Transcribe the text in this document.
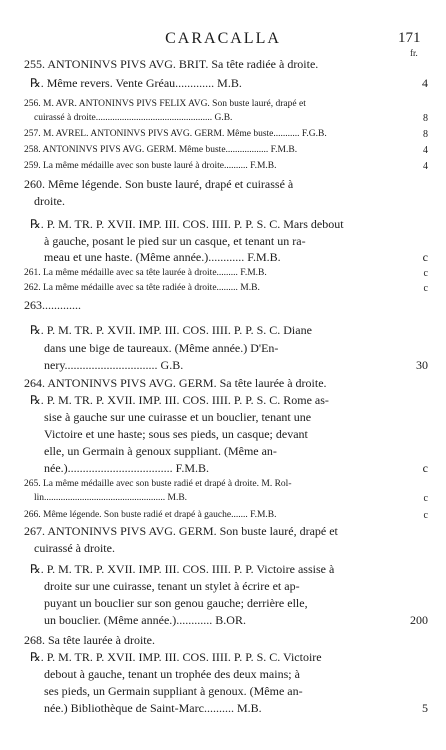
CARACALLA	171
fr.
255. ANTONINVS PIVS AVG. BRIT. Sa tête radiée à droite.
℞. Même revers. Vente Gréau............. M.B.	4
256. M. AVR. ANTONINVS PIVS FELIX AVG. Son buste lauré, drapé et
cuirassé à droite................................................. G.B.	8
257. M. AVREL. ANTONINVS PIVS AVG. GERM. Même buste........... F.G.B.	8
258. ANTONINVS PIVS AVG. GERM. Même buste.................. F.M.B.	4
259. La même médaille avec son buste lauré à droite.......... F.M.B.	4
260. Même légende. Son buste lauré, drapé et cuirassé à
droite.
℞. P. M. TR. P. XVII. IMP. III. COS. IIII. P. P. S. C. Mars debout
à gauche, posant le pied sur un casque, et tenant un ra-
meau et une haste. (Même année.)............ F.M.B.	c
261. La même médaille avec sa tête laurée à droite......... F.M.B.	c
262. La même médaille avec sa tête radiée à droite......... M.B.	c
263.............
℞. P. M. TR. P. XVII. IMP. III. COS. IIII. P. P. S. C. Diane
dans une bige de taureaux. (Même année.) D'En-
nery............................... G.B.	30
264. ANTONINVS PIVS AVG. GERM. Sa tête laurée à droite.
℞. P. M. TR. P. XVII. IMP. III. COS. IIII. P. P. S. C. Rome as-
sise à gauche sur une cuirasse et un bouclier, tenant une
Victoire et une haste; sous ses pieds, un casque; devant
elle, un Germain à genoux suppliant. (Même an-
née.)................................... F.M.B.	c
265. La même médaille avec son buste radié et drapé à droite. M. Rol-
lin................................................... M.B.	c
266. Même légende. Son buste radié et drapé à gauche....... F.M.B.	c
267. ANTONINVS PIVS AVG. GERM. Son buste lauré, drapé et
cuirassé à droite.
℞. P. M. TR. P. XVII. IMP. III. COS. IIII. P. P. Victoire assise à
droite sur une cuirasse, tenant un stylet à écrire et ap-
puyant un bouclier sur son genou gauche; derrière elle,
un bouclier. (Même année.)............ B.OR.	200
268. Sa tête laurée à droite.
℞. P. M. TR. P. XVII. IMP. III. COS. IIII. P. P. S. C. Victoire
debout à gauche, tenant un trophée des deux mains; à
ses pieds, un Germain suppliant à genoux. (Même an-
née.) Bibliothèque de Saint-Marc.......... M.B.	5
